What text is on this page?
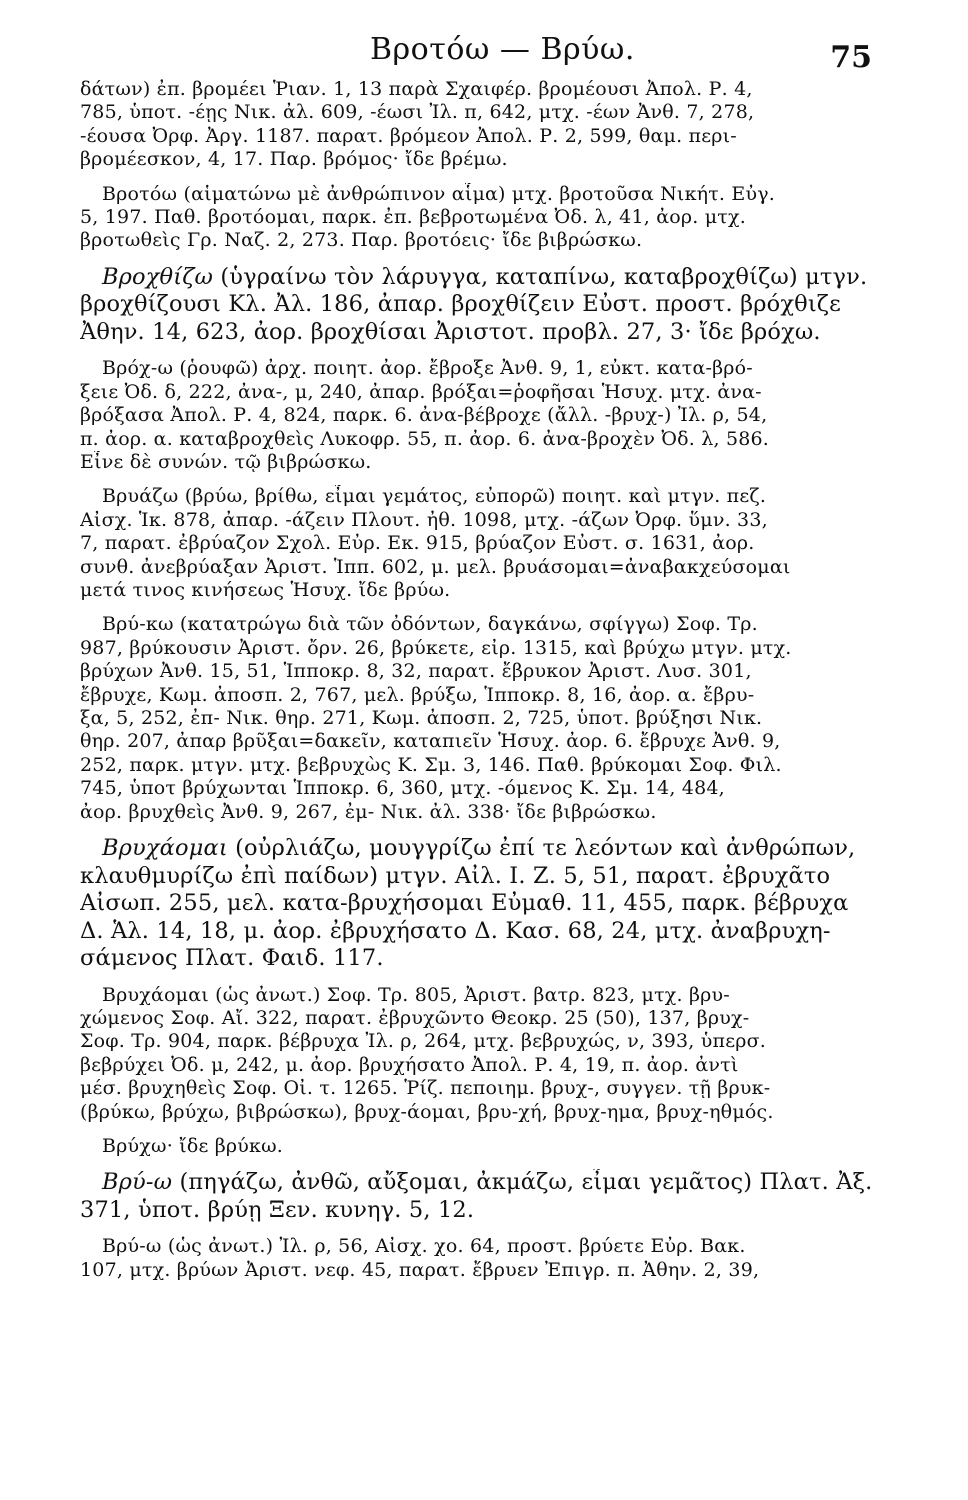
Βροτόω — Βρύω.	75
δάτων) ἐπ. βρομέει Ῥιαν. 1, 13 παρὰ Σχαιφέρ. βρομέουσι Ἀπολ. Ρ. 4,
785, ὑποτ. -έῃς Νικ. ἀλ. 609, -έωσι Ἰλ. π, 642, μτχ. -έων Ἀνθ. 7, 278,
-έουσα Ὀρφ. Ἀργ. 1187. παρατ. βρόμεον Ἀπολ. Ρ. 2, 599, θαμ. περι-
βρομέεσκον, 4, 17. Παρ. βρόμος· ἴδε βρέμω.
Βροτόω (αἱματώνω μὲ ἀνθρώπινον αἷμα) μτχ. βροτοῦσα Νικήτ. Εὐγ.
5, 197. Παθ. βροτόομαι, παρκ. ἐπ. βεβροτωμένα Ὀδ. λ, 41, ἀορ. μτχ.
βροτωθεὶς Γρ. Ναζ. 2, 273. Παρ. βροτόεις· ἴδε βιβρώσκω.
Βροχθίζω (ὑγραίνω τὸν λάρυγγα, καταπίνω, καταβροχθίζω) μτγν.
βροχθίζουσι Κλ. Ἀλ. 186, ἀπαρ. βροχθίζειν Εὐστ. προστ. βρόχθιζε
Ἀθην. 14, 623, ἀορ. βροχθίσαι Ἀριστοτ. προβλ. 27, 3· ἴδε βρόχω.
Βρόχ-ω (ῥουφῶ) ἀρχ. ποιητ. ἀορ. ἔβροξε Ἀνθ. 9, 1, εὐκτ. κατα-βρό-
ξειε Ὀδ. δ, 222, ἀνα-, μ, 240, ἀπαρ. βρόξαι=ῥοφῆσαι Ἡσυχ. μτχ. ἀνα-
βρόξασα Ἀπολ. Ρ. 4, 824, παρκ. 6. ἀνα-βέβροχε (ἄλλ. -βρυχ-) Ἰλ. ρ, 54,
π. ἀορ. α. καταβροχθεὶς Λυκοφρ. 55, π. ἀορ. 6. ἀνα-βροχὲν Ὀδ. λ, 586.
Εἶνε δὲ συνών. τῷ βιβρώσκω.
Βρυάζω (βρύω, βρίθω, εἶμαι γεμάτος, εὐπορῶ) ποιητ. καὶ μτγν. πεζ.
Αἰσχ. Ἱκ. 878, ἀπαρ. -άζειν Πλουτ. ἠθ. 1098, μτχ. -άζων Ὀρφ. ὕμν. 33,
7, παρατ. ἐβρύαζον Σχολ. Εὐρ. Εκ. 915, βρύαζον Εὐστ. σ. 1631, ἀορ.
συνθ. ἀνεβρύαξαν Ἀριστ. Ἱππ. 602, μ. μελ. βρυάσομαι=ἀναβακχεύσομαι
μετά τινος κινήσεως Ἡσυχ. ἴδε βρύω.
Βρύ-κω (κατατρώγω διὰ τῶν ὀδόντων, δαγκάνω, σφίγγω) Σοφ. Τρ.
987, βρύκουσιν Ἀριστ. ὄρν. 26, βρύκετε, εἰρ. 1315, καὶ βρύχω μτγν. μτχ.
βρύχων Ἀνθ. 15, 51, Ἱπποκρ. 8, 32, παρατ. ἔβρυκον Ἀριστ. Λυσ. 301,
ἔβρυχε, Κωμ. ἀποσπ. 2, 767, μελ. βρύξω, Ἱπποκρ. 8, 16, ἀορ. α. ἔβρυ-
ξα, 5, 252, ἐπ- Νικ. θηρ. 271, Κωμ. ἀποσπ. 2, 725, ὑποτ. βρύξησι Νικ.
θηρ. 207, ἀπαρ βρῦξαι=δακεῖν, καταπιεῖν Ἡσυχ. ἀορ. 6. ἔβρυχε Ἀνθ. 9,
252, παρκ. μτγν. μτχ. βεβρυχὼς Κ. Σμ. 3, 146. Παθ. βρύκομαι Σοφ. Φιλ.
745, ὑποτ βρύχωνται Ἱπποκρ. 6, 360, μτχ. -όμενος Κ. Σμ. 14, 484,
ἀορ. βρυχθεὶς Ἀνθ. 9, 267, ἐμ- Νικ. ἀλ. 338· ἴδε βιβρώσκω.
Βρυχάομαι (οὐρλιάζω, μουγγρίζω ἐπί τε λεόντων καὶ ἀνθρώπων,
κλαυθμυρίζω ἐπὶ παίδων) μτγν. Αἰλ. Ι. Ζ. 5, 51, παρατ. ἐβρυχᾶτο
Αἰσωπ. 255, μελ. κατα-βρυχήσομαι Εὐμαθ. 11, 455, παρκ. βέβρυχα
Δ. Ἁλ. 14, 18, μ. ἀορ. ἐβρυχήσατο Δ. Κασ. 68, 24, μτχ. ἀναβρυχη-
σάμενος Πλατ. Φαιδ. 117.
Βρυχάομαι (ὡς ἀνωτ.) Σοφ. Τρ. 805, Ἀριστ. βατρ. 823, μτχ. βρυ-
χώμενος Σοφ. Αἴ. 322, παρατ. ἐβρυχῶντο Θεοκρ. 25 (50), 137, βρυχ-
Σοφ. Τρ. 904, παρκ. βέβρυχα Ἰλ. ρ, 264, μτχ. βεβρυχώς, ν, 393, ὑπερσ.
βεβρύχει Ὀδ. μ, 242, μ. ἀορ. βρυχήσατο Ἀπολ. Ρ. 4, 19, π. ἀορ. ἀντὶ
μέσ. βρυχηθεὶς Σοφ. Οἰ. τ. 1265. Ῥίζ. πεποιημ. βρυχ-, συγγεν. τῇ βρυκ-
(βρύκω, βρύχω, βιβρώσκω), βρυχ-άομαι, βρυ-χή, βρυχ-ημα, βρυχ-ηθμός.
Βρύχω· ἴδε βρύκω.
Βρύ-ω (πηγάζω, ἀνθῶ, αὔξομαι, ἀκμάζω, εἶμαι γεμᾶτος) Πλατ. Ἀξ.
371, ὑποτ. βρύῃ Ξεν. κυνηγ. 5, 12.
Βρύ-ω (ὡς ἀνωτ.) Ἰλ. ρ, 56, Αἰσχ. χο. 64, προστ. βρύετε Εὐρ. Βακ.
107, μτχ. βρύων Ἀριστ. νεφ. 45, παρατ. ἔβρυεν Ἐπιγρ. π. Ἀθην. 2, 39,
